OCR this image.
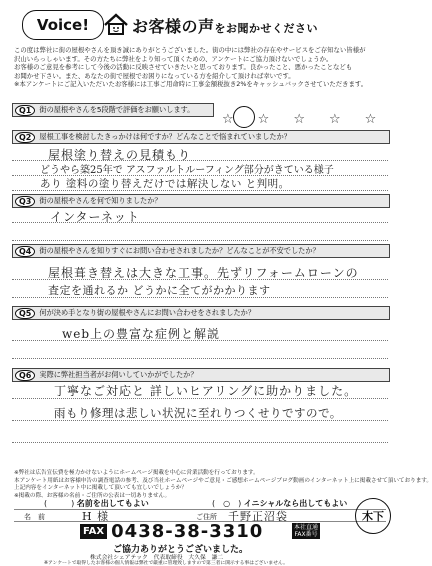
Voice!	お客様の声をお聞かせください
この度は弊社に街の屋根やさんを頂き誠にありがとうございました。街の中には弊社の存在やサービスをご存知ない皆様が
沢山いらっしゃいます。その方たちに弊社をより知って頂くための、アンケートにご協力頂けないでしょうか。
お客様のご意見を参考にして今後の活動に反映させていきたいと思っております。良かったこと、悪かったことなども
お聞かせ下さい。また、あなたの街で屋根でお困りになっている方を紹介して頂ければ幸いです。
※本アンケートにご記入いただいたお客様には工事ご用命時に工事金額税抜き2%をキャッシュバックさせていただきます。
Q1	街の屋根やさんを5段階で評価をお願いします。
☆ ☆ ☆ ☆ ☆
Q2	屋根工事を検討したきっかけは何ですか？どんなことで悩まれていましたか？
屋根塗り替えの見積もり
どうやら築25年で アスファルトルーフィング部分がきている様子
あり 塗料の塗り替えだけでは解決しない と判明。
Q3	街の屋根やさんを何で知りましたか？
インターネット
Q4	街の屋根やさんを知りすぐにお問い合わせされましたか？どんなことが不安でしたか？
屋根葺き替えは大きな工事。先ずリフォームローンの
査定を通れるか どうかに全てがかかります
Q5	何が決め手となり街の屋根やさんにお問い合わせをされましたか？
web上の豊富な症例と解説
Q6	実際に弊社担当者がお伺いしていかがでしたか？
丁寧なご対応と 詳しいヒアリングに助かりました。
雨もり修理は悲しい状況に至れりつくせりですので。
※弊社は広告宣伝費を極力かけないようにホームページ掲載を中心に営業活動を行っております。
本アンケート用紙はお客様申告の調査電話の参考、及び当社ホームページやご意見・ご感想ホームページブログ動画のインターネット上に掲載させて頂いております。
上記内容をインターネット中に掲載して頂いても宜しいでしょうか？
※掲載の際、お客様の名前・ご住所の公表は一切ありません。
(　　　) 名前を出してもよい	(　○　) イニシャルなら出してもよい
名　前	H 様	ご住所 千野正沼袋
FAX 0438-38-3310	本社直通
FAX番号
ご協力ありがとうございました。
株式会社シェアテック　代表取締役　大久保　謙二
※アンケートで取得したお客様の個人情報は弊社で厳重に管理致しますので第三者に開示する事はございません。
木下
